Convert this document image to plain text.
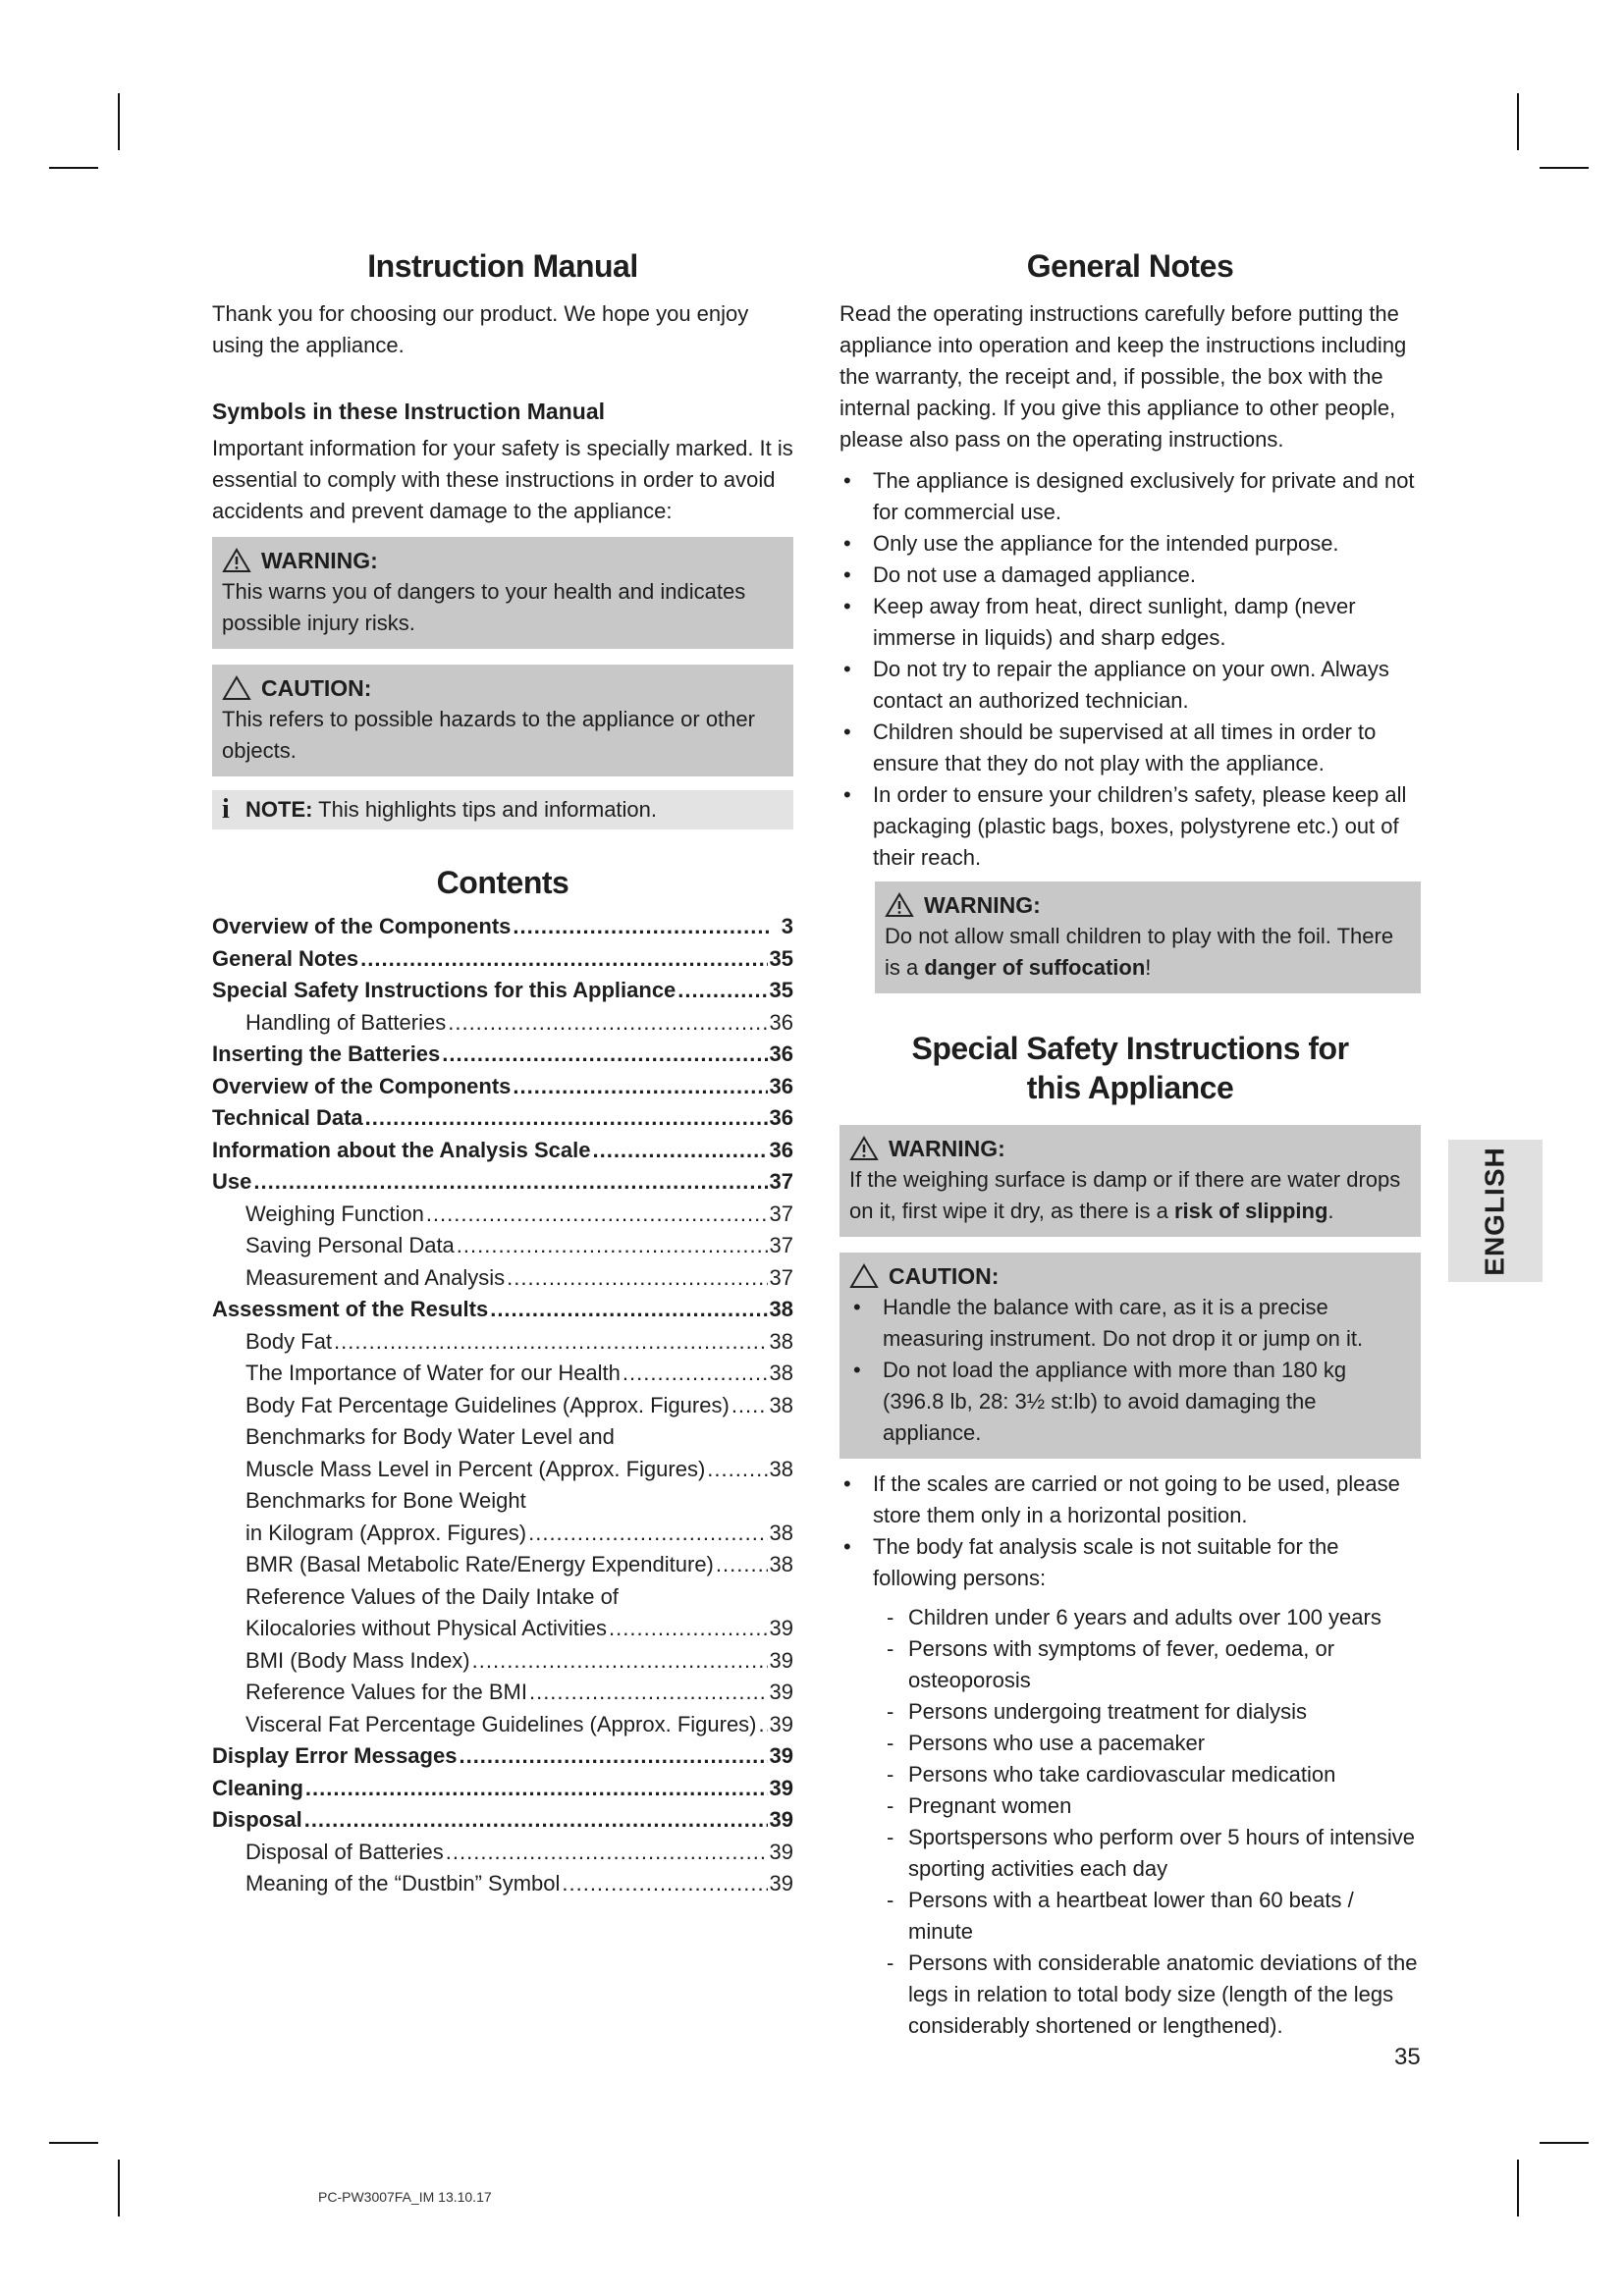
Instruction Manual

Thank you for choosing our product. We hope you enjoy using the appliance.

Symbols in these Instruction Manual

Important information for your safety is specially marked. It is essential to comply with these instructions in order to avoid accidents and prevent damage to the appliance:

WARNING:
This warns you of dangers to your health and indicates possible injury risks.
CAUTION:
This refers to possible hazards to the appliance or other objects.
i NOTE: This highlights tips and information.
Contents
Overview of the Components .....	3
General Notes .....	35
Special Safety Instructions for this Appliance .....	35
Handling of Batteries .....	36
Inserting the Batteries .....	36
Overview of the Components .....	36
Technical Data .....	36
Information about the Analysis Scale .....	36
Use .....	37
Weighing Function .....	37
Saving Personal Data .....	37
Measurement and Analysis .....	37
Assessment of the Results .....	38
Body Fat .....	38
The Importance of Water for our Health .....	38
Body Fat Percentage Guidelines (Approx. Figures) ..... 38
Benchmarks for Body Water Level and
Muscle Mass Level in Percent (Approx. Figures) .....	38
Benchmarks for Bone Weight
in Kilogram (Approx. Figures) .....	38
BMR (Basal Metabolic Rate/Energy Expenditure) .....	38
Reference Values of the Daily Intake of
Kilocalories without Physical Activities .....	39
BMI (Body Mass Index) .....	39
Reference Values for the BMI .....	39
Visceral Fat Percentage Guidelines (Approx. Figures) ..... 39
Display Error Messages .....	39
Cleaning .....	39
Disposal .....	39
Disposal of Batteries .....	39
Meaning of the “Dustbin” Symbol .....	39
General Notes

Read the operating instructions carefully before putting the appliance into operation and keep the instructions including the warranty, the receipt and, if possible, the box with the internal packing. If you give this appliance to other people, please also pass on the operating instructions.

• The appliance is designed exclusively for private and not for commercial use.
• Only use the appliance for the intended purpose.
• Do not use a damaged appliance.
• Keep away from heat, direct sunlight, damp (never immerse in liquids) and sharp edges.
• Do not try to repair the appliance on your own. Always contact an authorized technician.
• Children should be supervised at all times in order to ensure that they do not play with the appliance.
• In order to ensure your children’s safety, please keep all packaging (plastic bags, boxes, polystyrene etc.) out of their reach.
WARNING:
Do not allow small children to play with the foil. There is a danger of suffocation!
Special Safety Instructions for this Appliance
WARNING:
If the weighing surface is damp or if there are water drops on it, first wipe it dry, as there is a risk of slipping.
CAUTION:
• Handle the balance with care, as it is a precise measuring instrument. Do not drop it or jump on it.
• Do not load the appliance with more than 180 kg (396.8 lb, 28: 3½ st:lb) to avoid damaging the appliance.
• If the scales are carried or not going to be used, please store them only in a horizontal position.
• The body fat analysis scale is not suitable for the following persons:
- Children under 6 years and adults over 100 years
- Persons with symptoms of fever, oedema, or osteoporosis
- Persons undergoing treatment for dialysis
- Persons who use a pacemaker
- Persons who take cardiovascular medication
- Pregnant women
- Sportspersons who perform over 5 hours of intensive sporting activities each day
- Persons with a heartbeat lower than 60 beats / minute
- Persons with considerable anatomic deviations of the legs in relation to total body size (length of the legs considerably shortened or lengthened).
ENGLISH
35
PC-PW3007FA_IM 13.10.17
